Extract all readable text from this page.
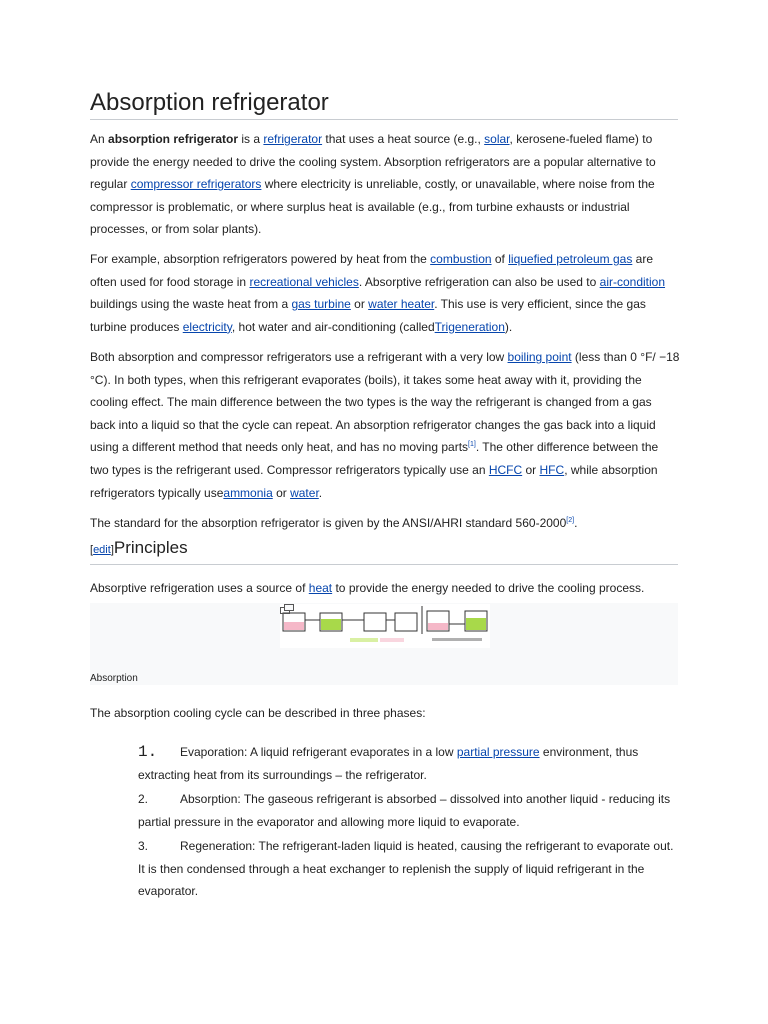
Absorption refrigerator

An absorption refrigerator is a refrigerator that uses a heat source (e.g., solar, kerosene-fueled flame) to provide the energy needed to drive the cooling system. Absorption refrigerators are a popular alternative to regular compressor refrigerators where electricity is unreliable, costly, or unavailable, where noise from the compressor is problematic, or where surplus heat is available (e.g., from turbine exhausts or industrial processes, or from solar plants).

For example, absorption refrigerators powered by heat from the combustion of liquefied petroleum gas are often used for food storage in recreational vehicles. Absorptive refrigeration can also be used to air-condition buildings using the waste heat from a gas turbine or water heater. This use is very efficient, since the gas turbine produces electricity, hot water and air-conditioning (calledTrigeneration).

Both absorption and compressor refrigerators use a refrigerant with a very low boiling point (less than 0 °F/ −18 °C). In both types, when this refrigerant evaporates (boils), it takes some heat away with it, providing the cooling effect. The main difference between the two types is the way the refrigerant is changed from a gas back into a liquid so that the cycle can repeat. An absorption refrigerator changes the gas back into a liquid using a different method that needs only heat, and has no moving parts[1]. The other difference between the two types is the refrigerant used. Compressor refrigerators typically use an HCFC or HFC, while absorption refrigerators typically useammonia or water.

The standard for the absorption refrigerator is given by the ANSI/AHRI standard 560-2000[2].

[edit]Principles

Absorptive refrigeration uses a source of heat to provide the energy needed to drive the cooling process.

Absorption

The absorption cooling cycle can be described in three phases:

1. Evaporation: A liquid refrigerant evaporates in a low partial pressure environment, thus extracting heat from its surroundings – the refrigerator.
2.	Absorption: The gaseous refrigerant is absorbed – dissolved into another liquid - reducing its partial pressure in the evaporator and allowing more liquid to evaporate.
3.	Regeneration: The refrigerant-laden liquid is heated, causing the refrigerant to evaporate out. It is then condensed through a heat exchanger to replenish the supply of liquid refrigerant in the evaporator.
